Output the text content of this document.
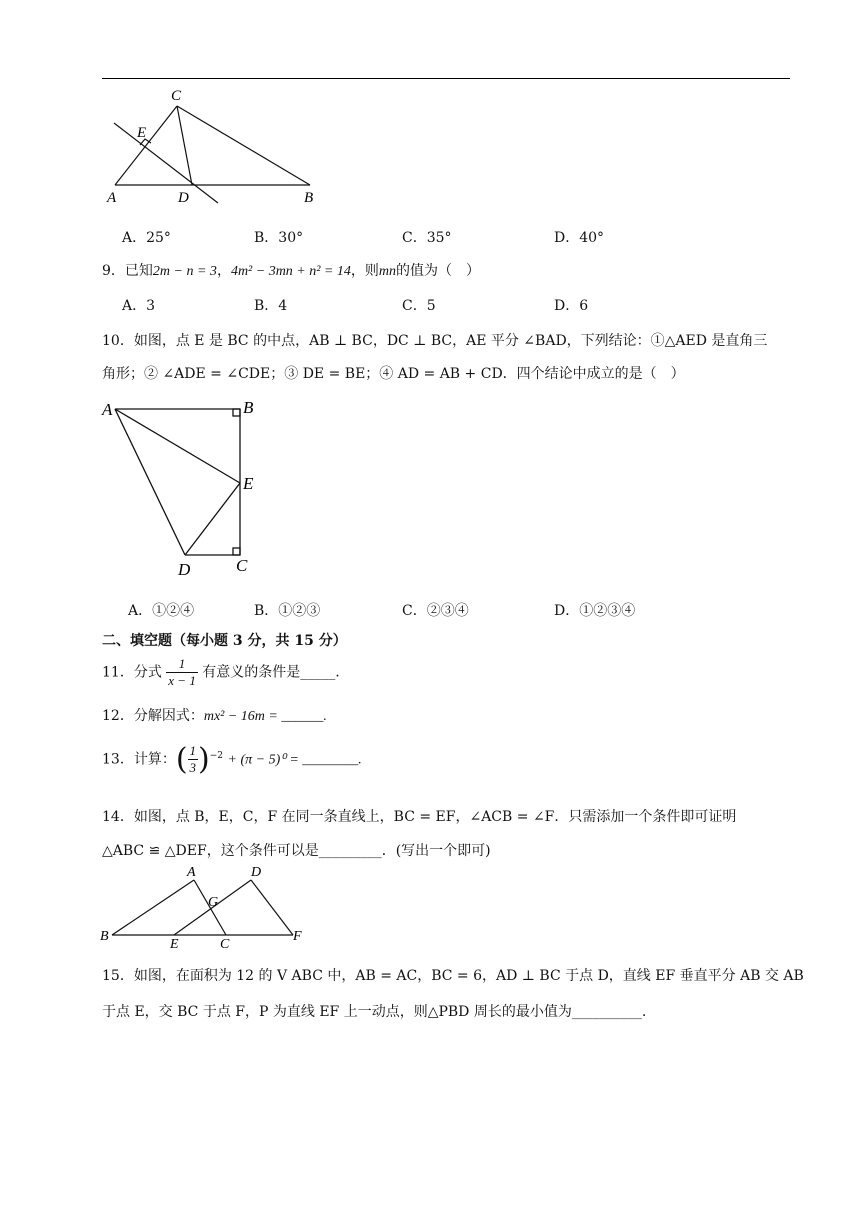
C
E
A	D	B
A．25°	B．30°	C．35°	D．40°
9．已知2m − n = 3，4m² − 3mn + n² = 14，则mn的值为（　）
A．3	B．4	C．5	D．6
10．如图，点 E 是 BC 的中点，AB ⊥ BC，DC ⊥ BC，AE 平分 ∠BAD，下列结论：①△AED 是直角三
角形；② ∠ADE = ∠CDE；③ DE = BE；④ AD = AB + CD．四个结论中成立的是（　）
A	B
E
D	C
A．①②④	B．①②③	C．②③④	D．①②③④
二、填空题（每小题 3 分，共 15 分）
11．分式 $\frac{1}{x - 1}$ 有意义的条件是_____.
12．分解因式：mx² − 16m = ______.
13．计算：( $\frac{1}{3} )^{-2} + (\pi - 5)^0$ = ________.
14．如图，点 B，E，C，F 在同一条直线上，BC = EF，∠ACB = ∠F．只需添加一个条件即可证明
△ABC ≌ △DEF，这个条件可以是_________．(写出一个即可)
A	D
G
B
E	C
F
15．如图，在面积为 12 的 V ABC 中，AB = AC，BC = 6，AD ⊥ BC 于点 D，直线 EF 垂直平分 AB 交 AB
于点 E，交 BC 于点 F，P 为直线 EF 上一动点，则△PBD 周长的最小值为__________.
